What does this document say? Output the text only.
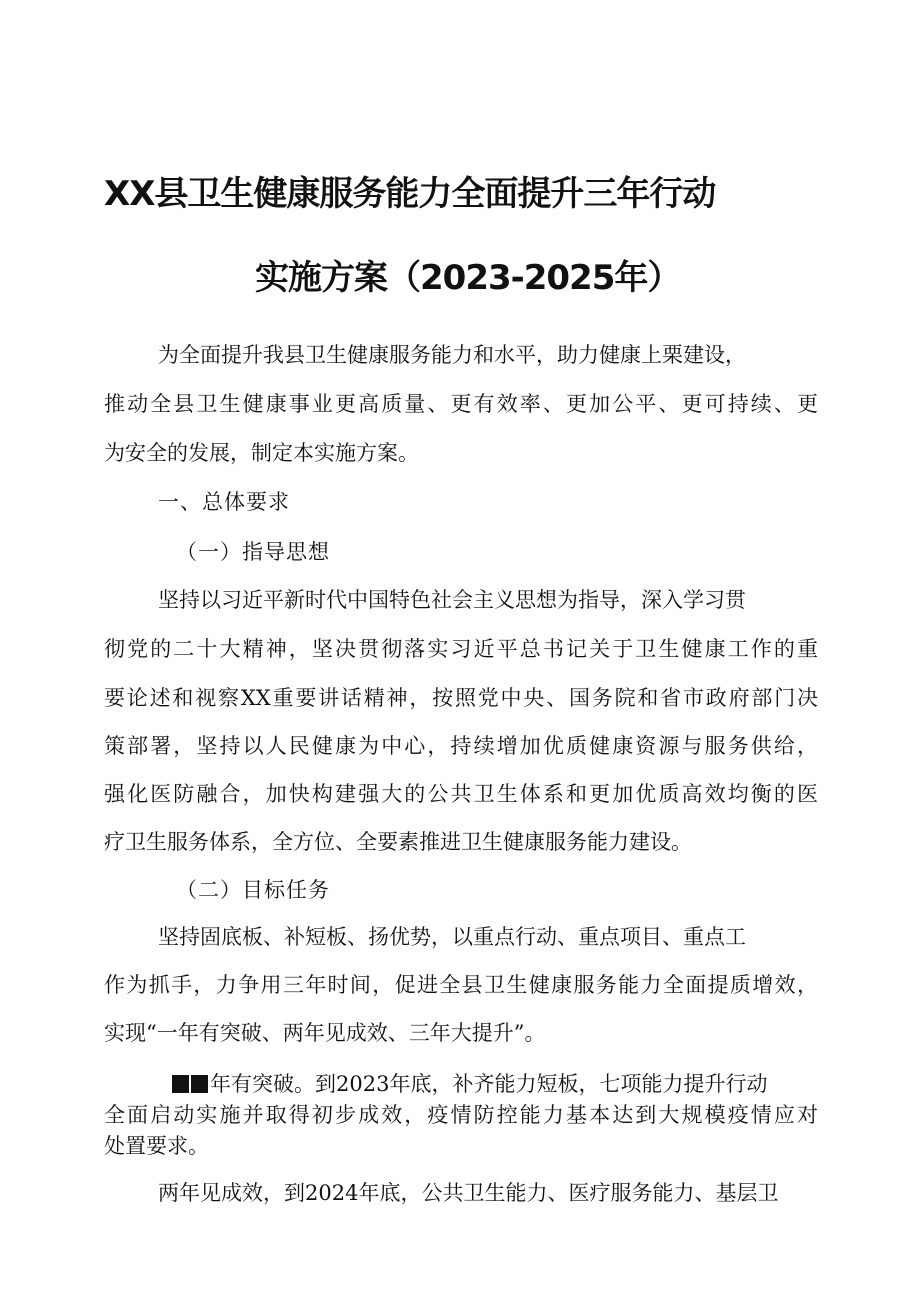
XX县卫生健康服务能力全面提升三年行动
实施方案（2023-2025年）
为全面提升我县卫生健康服务能力和水平，助力健康上栗建设，
推动全县卫生健康事业更高质量、更有效率、更加公平、更可持续、更
为安全的发展，制定本实施方案。
一、总体要求
（一）指导思想
坚持以习近平新时代中国特色社会主义思想为指导，深入学习贯
彻党的二十大精神，坚决贯彻落实习近平总书记关于卫生健康工作的重
要论述和视察XX重要讲话精神，按照党中央、国务院和省市政府部门决
策部署，坚持以人民健康为中心，持续增加优质健康资源与服务供给，
强化医防融合，加快构建强大的公共卫生体系和更加优质高效均衡的医
疗卫生服务体系，全方位、全要素推进卫生健康服务能力建设。
（二）目标任务
坚持固底板、补短板、扬优势，以重点行动、重点项目、重点工
作为抓手，力争用三年时间，促进全县卫生健康服务能力全面提质增效，
实现“一年有突破、两年见成效、三年大提升”。
年有突破。到2023年底，补齐能力短板，七项能力提升行动
全面启动实施并取得初步成效，疫情防控能力基本达到大规模疫情应对
处置要求。
两年见成效，到2024年底，公共卫生能力、医疗服务能力、基层卫
